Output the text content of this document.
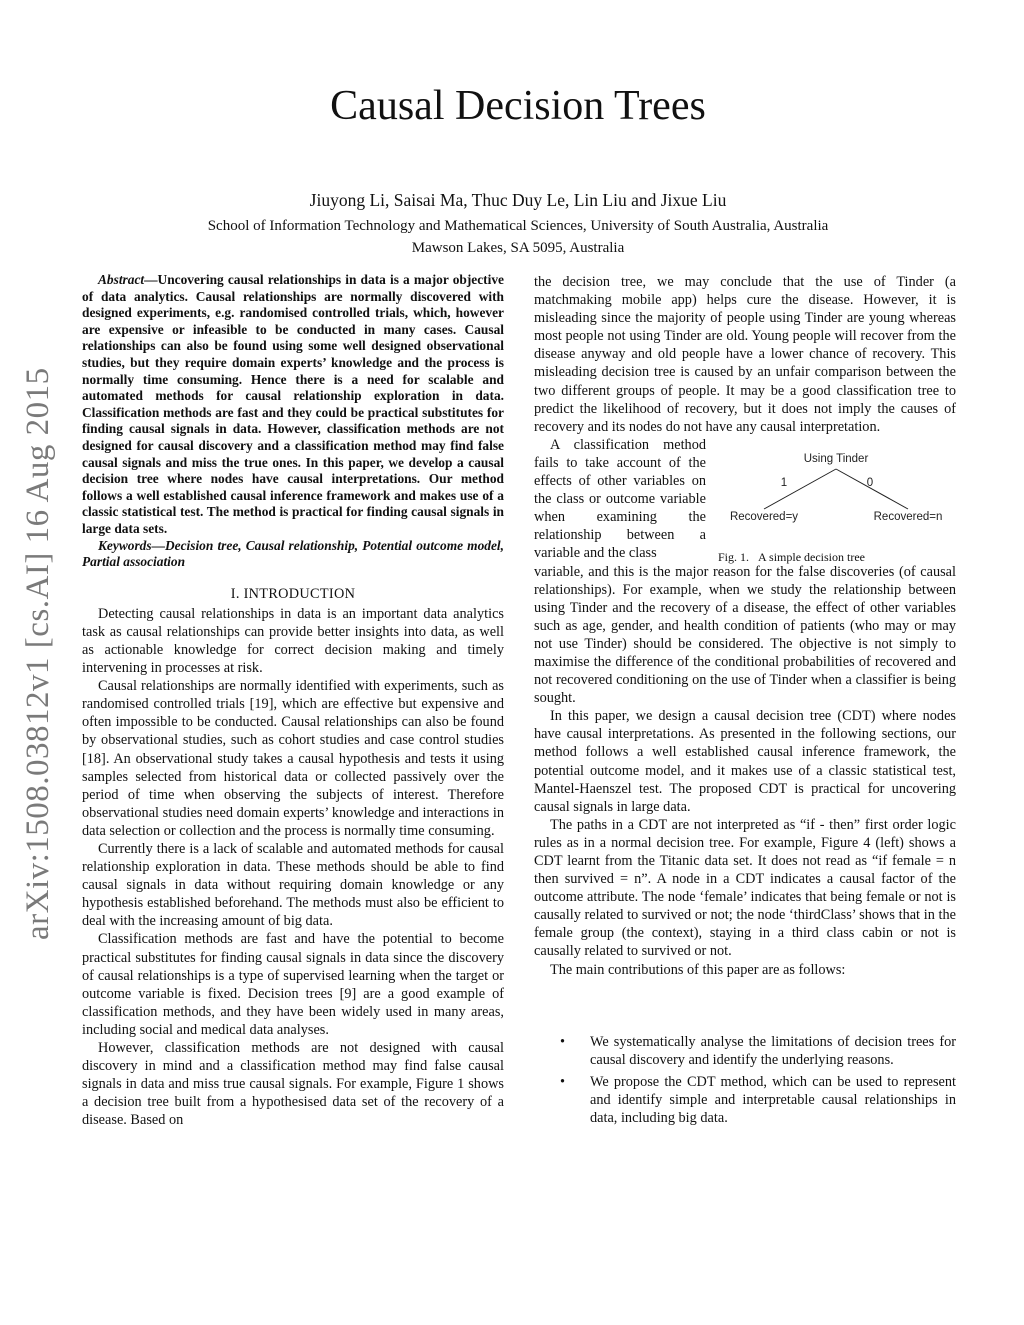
arXiv:1508.03812v1 [cs.AI] 16 Aug 2015
Causal Decision Trees
Jiuyong Li, Saisai Ma, Thuc Duy Le, Lin Liu and Jixue Liu
School of Information Technology and Mathematical Sciences, University of South Australia, Australia
Mawson Lakes, SA 5095, Australia

Abstract—Uncovering causal relationships in data is a major objective of data analytics. Causal relationships are normally discovered with designed experiments, e.g. randomised controlled trials, which, however are expensive or infeasible to be conducted in many cases. Causal relationships can also be found using some well designed observational studies, but they require domain experts’ knowledge and the process is normally time consuming. Hence there is a need for scalable and automated methods for causal relationship exploration in data. Classification methods are fast and they could be practical substitutes for finding causal signals in data. However, classification methods are not designed for causal discovery and a classification method may find false causal signals and miss the true ones. In this paper, we develop a causal decision tree where nodes have causal interpretations. Our method follows a well established causal inference framework and makes use of a classic statistical test. The method is practical for finding causal signals in large data sets.

Keywords—Decision tree, Causal relationship, Potential outcome model, Partial association

I. INTRODUCTION

Detecting causal relationships in data is an important data analytics task as causal relationships can provide better insights into data, as well as actionable knowledge for correct decision making and timely intervening in processes at risk.

Causal relationships are normally identified with experiments, such as randomised controlled trials [19], which are effective but expensive and often impossible to be conducted. Causal relationships can also be found by observational studies, such as cohort studies and case control studies [18]. An observational study takes a causal hypothesis and tests it using samples selected from historical data or collected passively over the period of time when observing the subjects of interest. Therefore observational studies need domain experts’ knowledge and interactions in data selection or collection and the process is normally time consuming.

Currently there is a lack of scalable and automated methods for causal relationship exploration in data. These methods should be able to find causal signals in data without requiring domain knowledge or any hypothesis established beforehand. The methods must also be efficient to deal with the increasing amount of big data.

Classification methods are fast and have the potential to become practical substitutes for finding causal signals in data since the discovery of causal relationships is a type of supervised learning when the target or outcome variable is fixed. Decision trees [9] are a good example of classification methods, and they have been widely used in many areas, including social and medical data analyses.

However, classification methods are not designed with causal discovery in mind and a classification method may find false causal signals in data and miss true causal signals. For example, Figure 1 shows a decision tree built from a hypothesised data set of the recovery of a disease. Based on

the decision tree, we may conclude that the use of Tinder (a matchmaking mobile app) helps cure the disease. However, it is misleading since the majority of people using Tinder are young whereas most people not using Tinder are old. Young people will recover from the disease anyway and old people have a lower chance of recovery. This misleading decision tree is caused by an unfair comparison between the two different groups of people. It may be a good classification tree to predict the likelihood of recovery, but it does not imply the causes of recovery and its nodes do not have any causal interpretation.

Using Tinder
1	0
Recovered=y	Recovered=n
Fig. 1. A simple decision tree

A classification method fails to take account of the effects of other variables on the class or outcome variable when examining the relationship between a variable and the class

variable, and this is the major reason for the false discoveries (of causal relationships). For example, when we study the relationship between using Tinder and the recovery of a disease, the effect of other variables such as age, gender, and health condition of patients (who may or may not use Tinder) should be considered. The objective is not simply to maximise the difference of the conditional probabilities of recovered and not recovered conditioning on the use of Tinder when a classifier is being sought.

In this paper, we design a causal decision tree (CDT) where nodes have causal interpretations. As presented in the following sections, our method follows a well established causal inference framework, the potential outcome model, and it makes use of a classic statistical test, Mantel-Haenszel test. The proposed CDT is practical for uncovering causal signals in large data.

The paths in a CDT are not interpreted as “if - then” first order logic rules as in a normal decision tree. For example, Figure 4 (left) shows a CDT learnt from the Titanic data set. It does not read as “if female = n then survived = n”. A node in a CDT indicates a causal factor of the outcome attribute. The node ‘female’ indicates that being female or not is causally related to survived or not; the node ‘thirdClass’ shows that in the female group (the context), staying in a third class cabin or not is causally related to survived or not.

The main contributions of this paper are as follows:

• We systematically analyse the limitations of decision trees for causal discovery and identify the underlying reasons.
• We propose the CDT method, which can be used to represent and identify simple and interpretable causal relationships in data, including big data.
